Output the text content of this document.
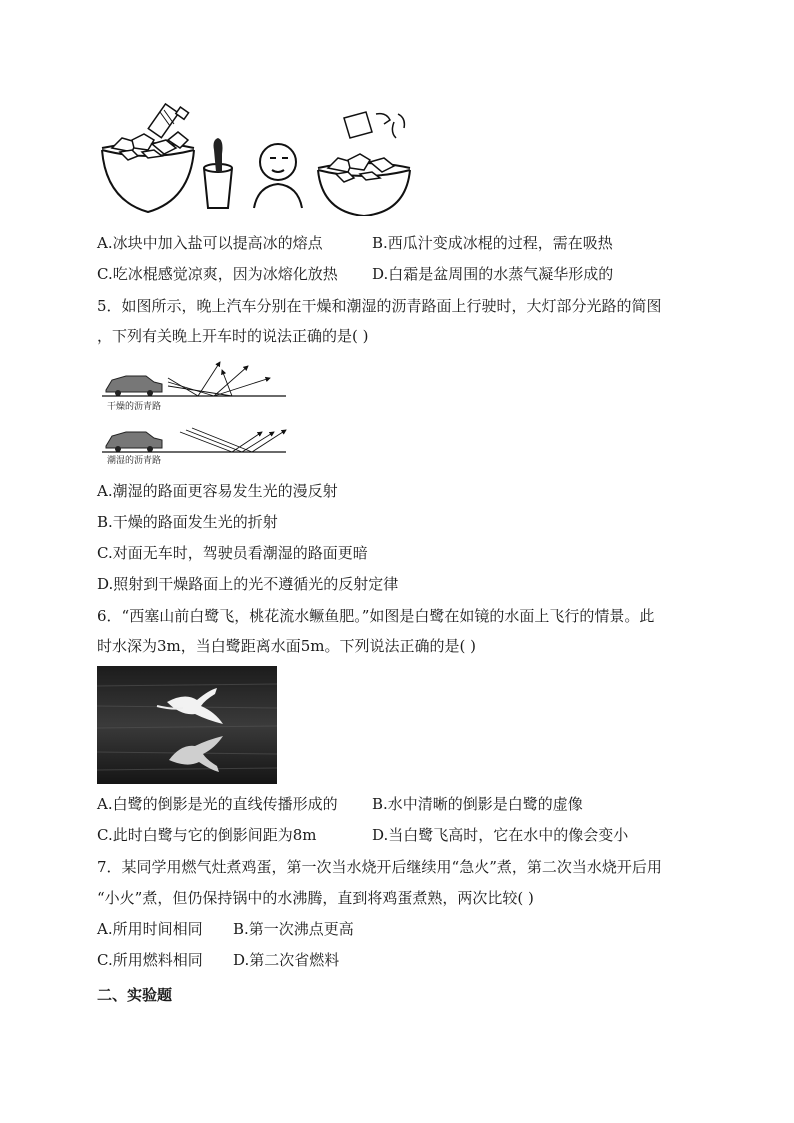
A.冰块中加入盐可以提高冰的熔点	B.西瓜汁变成冰棍的过程，需在吸热
C.吃冰棍感觉凉爽，因为冰熔化放热 D.白霜是盆周围的水蒸气凝华形成的
5．如图所示，晚上汽车分别在干燥和潮湿的沥青路面上行驶时，大灯部分光路的简图
，下列有关晚上开车时的说法正确的是( )
干燥的沥青路
潮湿的沥青路
A.潮湿的路面更容易发生光的漫反射
B.干燥的路面发生光的折射
C.对面无车时，驾驶员看潮湿的路面更暗
D.照射到干燥路面上的光不遵循光的反射定律
6．“西塞山前白鹭飞，桃花流水鳜鱼肥。”如图是白鹭在如镜的水面上飞行的情景。此
时水深为3m，当白鹭距离水面5m。下列说法正确的是( )
A.白鹭的倒影是光的直线传播形成的 B.水中清晰的倒影是白鹭的虚像
C.此时白鹭与它的倒影间距为8m	D.当白鹭飞高时，它在水中的像会变小
7．某同学用燃气灶煮鸡蛋，第一次当水烧开后继续用“急火”煮，第二次当水烧开后用
“小火”煮，但仍保持锅中的水沸腾，直到将鸡蛋煮熟，两次比较( )
A.所用时间相同 B.第一次沸点更高
C.所用燃料相同 D.第二次省燃料
二、实验题
